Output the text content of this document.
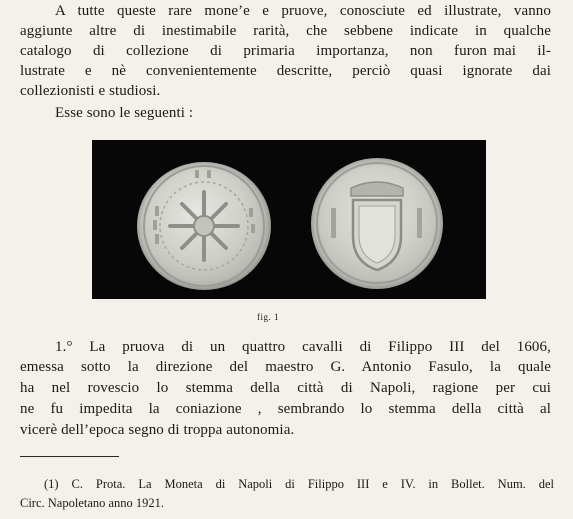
A tutte queste rare mone’e e pruove, conosciute ed illustrate, vanno
aggiunte altre di inestimabile rarità, che sebbene indicate in qualche
catalogo di collezione di primaria importanza, non furon  mai il-
lustrate e nè convenientemente descritte, perciò quasi ignorate dai
collezionisti e studiosi.
Esse sono le seguenti :
fig. 1
1.° La pruova di un quattro cavalli di Filippo III del 1606,
emessa sotto la direzione del maestro G. Antonio Fasulo, la quale
ha nel rovescio lo stemma della città di Napoli, ragione per cui
ne fu impedita la coniazione , sembrando lo stemma della città al
vicerè dell’epoca segno di troppa autonomia.
(1) C. Prota. La Moneta di Napoli di Filippo III e IV. in Bollet. Num. del
Circ. Napoletano anno 1921.
